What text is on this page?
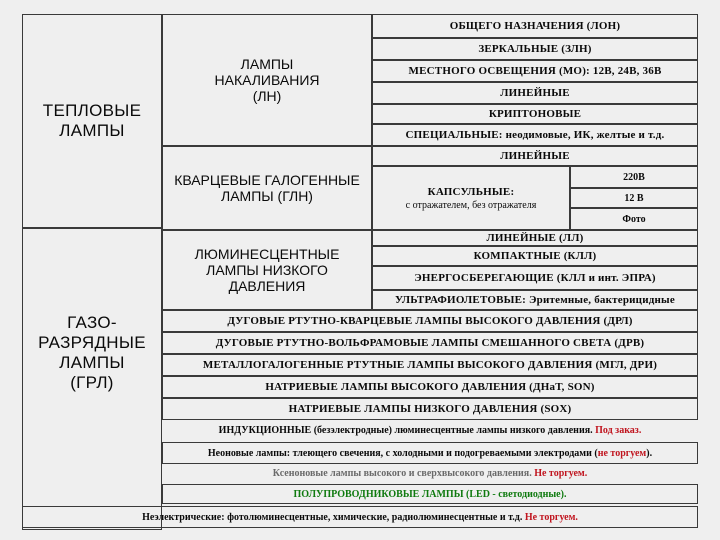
ТЕПЛОВЫЕ ЛАМПЫ
ГАЗО-РАЗРЯДНЫЕ ЛАМПЫ (ГРЛ)
ЛАМПЫ НАКАЛИВАНИЯ (ЛН)
КВАРЦЕВЫЕ ГАЛОГЕННЫЕ ЛАМПЫ (ГЛН)
ЛЮМИНЕСЦЕНТНЫЕ ЛАМПЫ НИЗКОГО ДАВЛЕНИЯ
ОБЩЕГО НАЗНАЧЕНИЯ (ЛОН)
ЗЕРКАЛЬНЫЕ (ЗЛН)
МЕСТНОГО ОСВЕЩЕНИЯ (МО): 12В, 24В, 36В
ЛИНЕЙНЫЕ
КРИПТОНОВЫЕ
СПЕЦИАЛЬНЫЕ: неодимовые, ИК, желтые и т.д.
ЛИНЕЙНЫЕ
КАПСУЛЬНЫЕ:
с отражателем, без отражателя
220В
12 В
Фото
ЛИНЕЙНЫЕ (ЛЛ)
КОМПАКТНЫЕ (КЛЛ)
ЭНЕРГОСБЕРЕГАЮЩИЕ (КЛЛ и инт. ЭПРА)
УЛЬТРАФИОЛЕТОВЫЕ: Эритемные, бактерицидные
ДУГОВЫЕ РТУТНО-КВАРЦЕВЫЕ ЛАМПЫ ВЫСОКОГО ДАВЛЕНИЯ (ДРЛ)
ДУГОВЫЕ РТУТНО-ВОЛЬФРАМОВЫЕ ЛАМПЫ СМЕШАННОГО СВЕТА (ДРВ)
МЕТАЛЛОГАЛОГЕННЫЕ РТУТНЫЕ ЛАМПЫ ВЫСОКОГО ДАВЛЕНИЯ (МГЛ, ДРИ)
НАТРИЕВЫЕ ЛАМПЫ ВЫСОКОГО ДАВЛЕНИЯ (ДНаТ, SON)
НАТРИЕВЫЕ ЛАМПЫ НИЗКОГО ДАВЛЕНИЯ (SOX)
ИНДУКЦИОННЫЕ (безэлектродные) люминесцентные лампы низкого давления. Под заказ.
Неоновые лампы: тлеющего свечения, с холодными и подогреваемыми электродами (не торгуем).
Ксеноновые лампы высокого и сверхвысокого давления. Не торгуем.
ПОЛУПРОВОДНИКОВЫЕ ЛАМПЫ (LED - светодиодные).
Неэлектрические: фотолюминесцентные, химические, радиолюминесцентные и т.д. Не торгуем.
